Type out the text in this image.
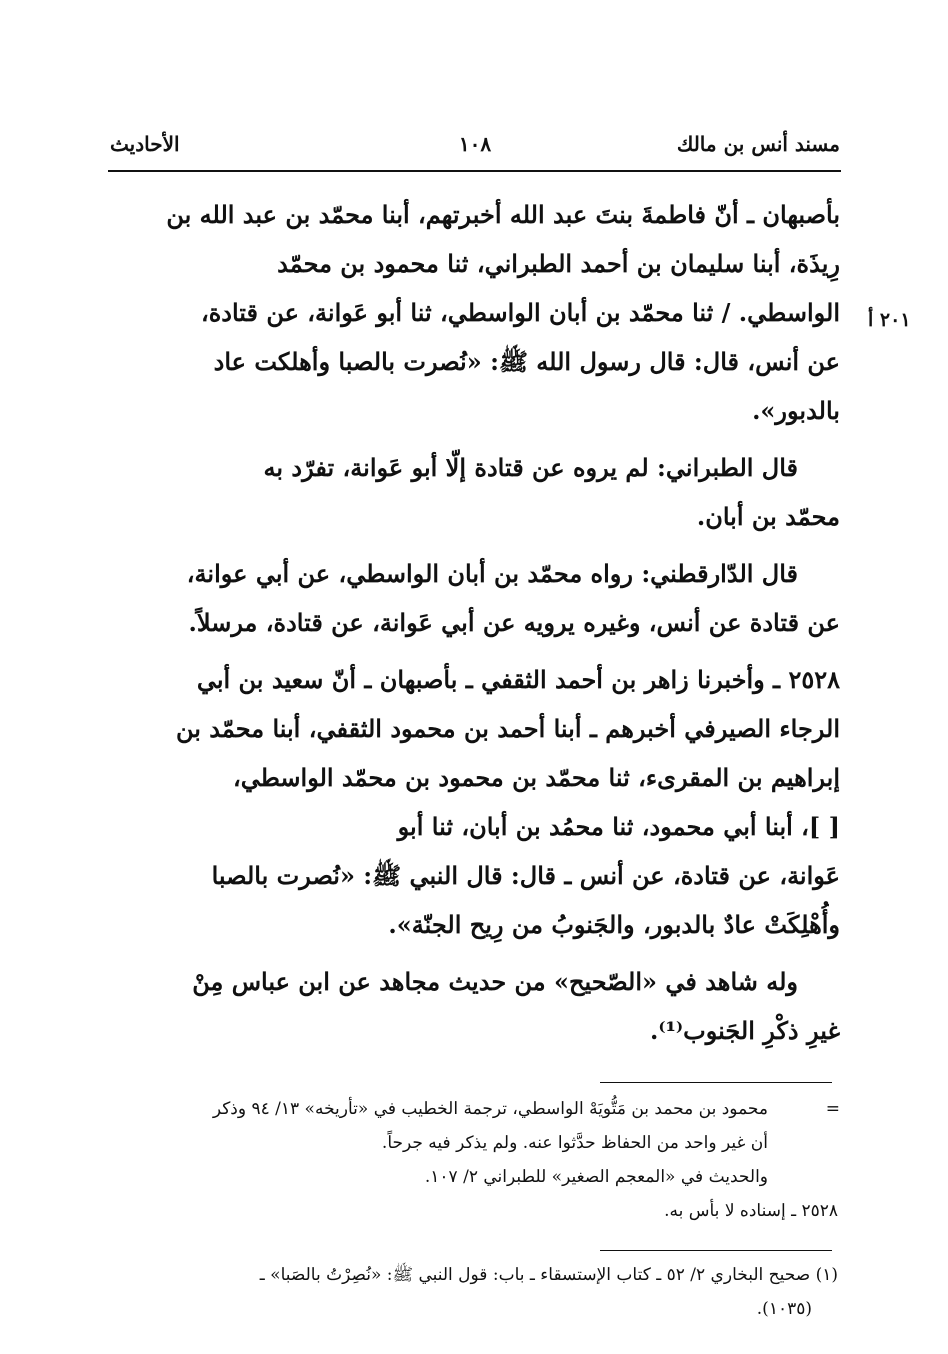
مسند أنس بن مالك
١٠٨
الأحاديث
٢٠١ أ

بأصبهان ـ أنّ فاطمةَ بنتَ عبد الله أخبرتهم، أبنا محمّد بن عبد الله بن

رِيذَة، أبنا سليمان بن أحمد الطبراني، ثنا محمود بن محمّد

الواسطي. / ثنا محمّد بن أبان الواسطي، ثنا أبو عَوانة، عن قتادة،

عن أنس، قال: قال رسول الله ﷺ: «نُصرت بالصبا وأهلكت عاد

بالدبور».

قال الطبراني: لم يروه عن قتادة إلّا أبو عَوانة، تفرّد به

محمّد بن أبان.

قال الدّارقطني: رواه محمّد بن أبان الواسطي، عن أبي عوانة،

عن قتادة عن أنس، وغيره يرويه عن أبي عَوانة، عن قتادة، مرسلاً.

٢٥٢٨ ـ وأخبرنا زاهر بن أحمد الثقفي ـ بأصبهان ـ أنّ سعيد بن أبي

الرجاء الصيرفي أخبرهم ـ أبنا أحمد بن محمود الثقفي، أبنا محمّد بن

إبراهيم بن المقرىء، ثنا محمّد بن محمود بن محمّد الواسطي،

[ ]، أبنا أبي محمود، ثنا محمُد بن أبان، ثنا أبو

عَوانة، عن قتادة، عن أنس ـ قال: قال النبي ﷺ: «نُصرت بالصبا

وأُهْلِكَتْ عادٌ بالدبور، والجَنوبُ من رِيح الجنّة».

وله شاهد في «الصّحيح» من حديث مجاهد عن ابن عباس مِنْ

غيرِ ذكْرِ الجَنوب⁽¹⁾.

=

محمود بن محمد بن مَتُّويَهْ الواسطي، ترجمة الخطيب في «تأريخه» ١٣/ ٩٤ وذكر

أن غير واحد من الحفاظ حدَّثوا عنه. ولم يذكر فيه جرحاً.

والحديث في «المعجم الصغير» للطبراني ٢/ ١٠٧.

٢٥٢٨ ـ إسناده لا بأس به.

(١) صحيح البخاري ٢/ ٥٢ ـ كتاب الإستسقاء ـ باب: قول النبي ﷺ: «نُصِرْتُ بالصَبا» ـ

(١٠٣٥).
